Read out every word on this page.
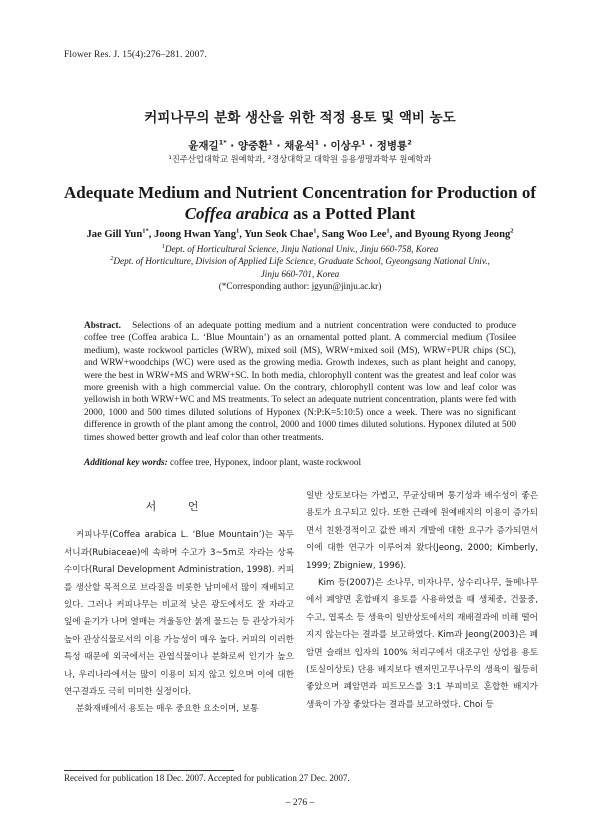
Flower Res. J. 15(4):276–281. 2007.
커피나무의 분화 생산을 위한 적정 용토 및 액비 농도
윤재길$^{1*}$ · 양중환$^1$ · 채윤석$^1$ · 이상우$^1$ · 정병룡$^2$
¹진주산업대학교 원예학과, ²경상대학교 대학원 응용생명과학부 원예학과
Adequate Medium and Nutrient Concentration for Production of
Coffea arabica as a Potted Plant
Jae Gill Yun$^{1*}$, Joong Hwan Yang$^1$, Yun Seok Chae$^1$, Sang Woo Lee$^1$, and Byoung Ryong Jeong$^2$
$^1$Dept. of Horticultural Science, Jinju National Univ., Jinju 660-758, Korea
$^2$Dept. of Horticulture, Division of Applied Life Science, Graduate School, Gyeongsang National Univ.,
Jinju 660-701, Korea
(*Corresponding author: jgyun@jinju.ac.kr)
Abstract. Selections of an adequate potting medium and a nutrient concentration were conducted to produce coffee tree (Coffea arabica L. ‘Blue Mountain’) as an ornamental potted plant. A commercial medium (Tosilee medium), waste rockwool particles (WRW), mixed soil (MS), WRW+mixed soil (MS), WRW+PUR chips (SC), and WRW+woodchips (WC) were used as the growing media. Growth indexes, such as plant height and canopy, were the best in WRW+MS and WRW+SC. In both media, chlorophyll content was the greatest and leaf color was more greenish with a high commercial value. On the contrary, chlorophyll content was low and leaf color was yellowish in both WRW+WC and MS treatments. To select an adequate nutrient concentration, plants were fed with 2000, 1000 and 500 times diluted solutions of Hyponex (N:P:K=5:10:5) once a week. There was no significant difference in growth of the plant among the control, 2000 and 1000 times diluted solutions. Hyponex diluted at 500 times showed better growth and leaf color than other treatments.
Additional key words: coffee tree, Hyponex, indoor plant, waste rockwool

서 언

커피나무(Coffea arabica L. ‘Blue Mountain’)는 꼭두서니과(Rubiaceae)에 속하며 수고가 3~5m로 자라는 상록수이다(Rural Development Administration, 1998). 커피를 생산할 목적으로 브라질을 비롯한 남미에서 많이 재배되고 있다. 그러나 커피나무는 비교적 낮은 광도에서도 잘 자라고 잎에 윤기가 나며 열매는 겨울동안 붉게 물드는 등 관상가치가 높아 관상식물로서의 이용 가능성이 매우 높다. 커피의 이러한 특성 때문에 외국에서는 관엽식물이나 분화로써 인기가 높으나, 우리나라에서는 많이 이용이 되지 않고 있으며 이에 대한 연구결과도 극히 미미한 실정이다.

분화재배에서 용토는 매우 중요한 요소이며, 보통

일반 상토보다는 가볍고, 무균상태며 통기성과 배수성이 좋은 용토가 요구되고 있다. 또한 근래에 원예배지의 이용이 증가되면서 친환경적이고 값싼 배지 개발에 대한 요구가 증가되면서 이에 대한 연구가 이루어져 왔다(Jeong, 2000; Kimberly, 1999; Zbigniew, 1996).

Kim 등(2007)은 소나무, 비자나무, 상수리나무, 들메나무에서 폐양면 혼합배지 용토를 사용하였을 때 생체중, 건물중, 수고, 엽록소 등 생육이 일반상토에서의 재배결과에 비해 떨어지지 않는다는 결과를 보고하였다. Kim과 Jeong(2003)은 폐암면 슬래브 입자의 100% 처리구에서 대조구인 상업용 용토(토실이상토) 단용 배지보다 벤저민고무나무의 생육이 월등히 좋았으며 폐암면과 피트모스를 3:1 부피비로 혼합한 배지가 생육이 가장 좋았다는 결과를 보고하였다. Choi 등

Received for publication 18 Dec. 2007. Accepted for publication 27 Dec. 2007.
– 276 –
